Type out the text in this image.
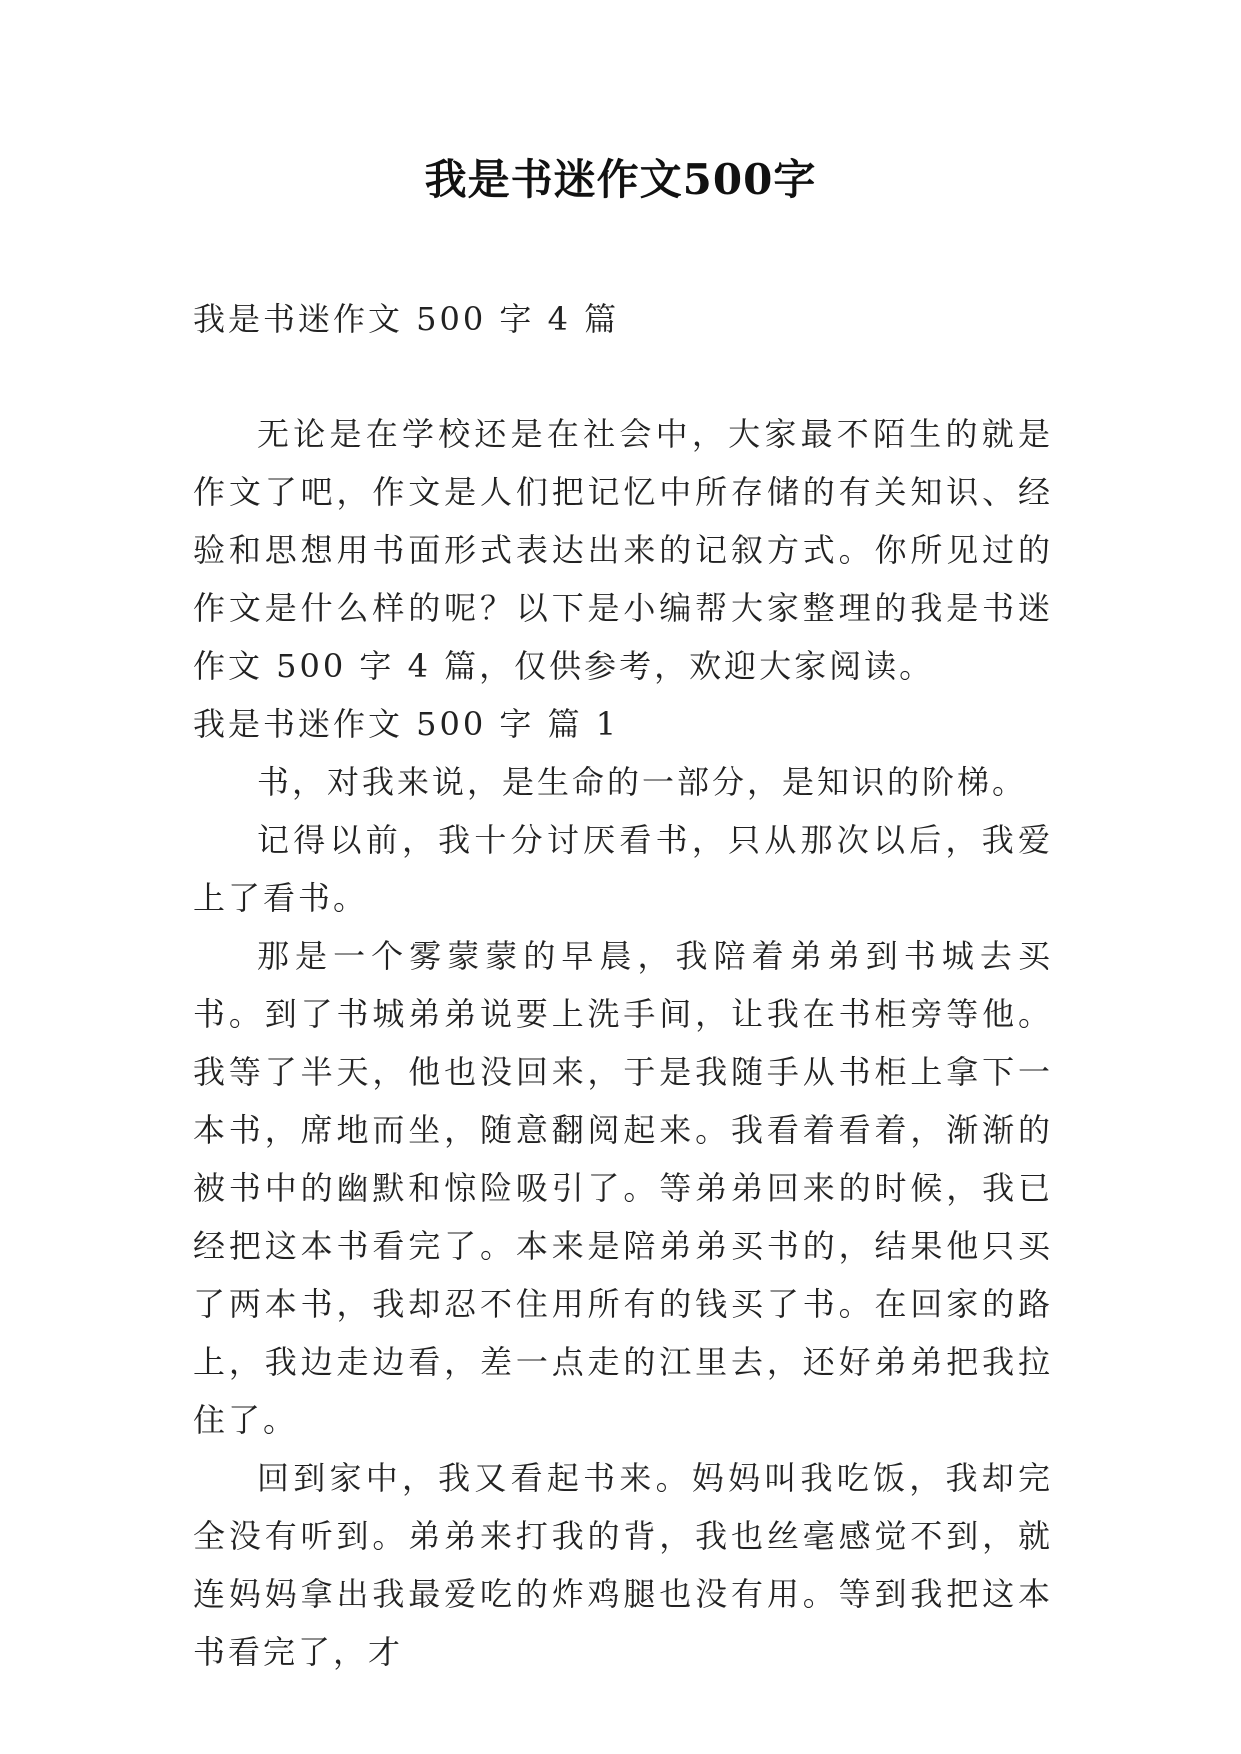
我是书迷作文500字
我是书迷作文 500 字 4 篇

无论是在学校还是在社会中，大家最不陌生的就是作文了吧，作文是人们把记忆中所存储的有关知识、经验和思想用书面形式表达出来的记叙方式。你所见过的作文是什么样的呢？以下是小编帮大家整理的我是书迷作文 500 字 4 篇，仅供参考，欢迎大家阅读。

我是书迷作文 500 字 篇 1

书，对我来说，是生命的一部分，是知识的阶梯。

记得以前，我十分讨厌看书，只从那次以后，我爱上了看书。

那是一个雾蒙蒙的早晨，我陪着弟弟到书城去买书。到了书城弟弟说要上洗手间，让我在书柜旁等他。我等了半天，他也没回来，于是我随手从书柜上拿下一本书，席地而坐，随意翻阅起来。我看着看着，渐渐的被书中的幽默和惊险吸引了。等弟弟回来的时候，我已经把这本书看完了。本来是陪弟弟买书的，结果他只买了两本书，我却忍不住用所有的钱买了书。在回家的路上，我边走边看，差一点走的江里去，还好弟弟把我拉住了。

回到家中，我又看起书来。妈妈叫我吃饭，我却完全没有听到。弟弟来打我的背，我也丝毫感觉不到，就连妈妈拿出我最爱吃的炸鸡腿也没有用。等到我把这本书看完了，才
